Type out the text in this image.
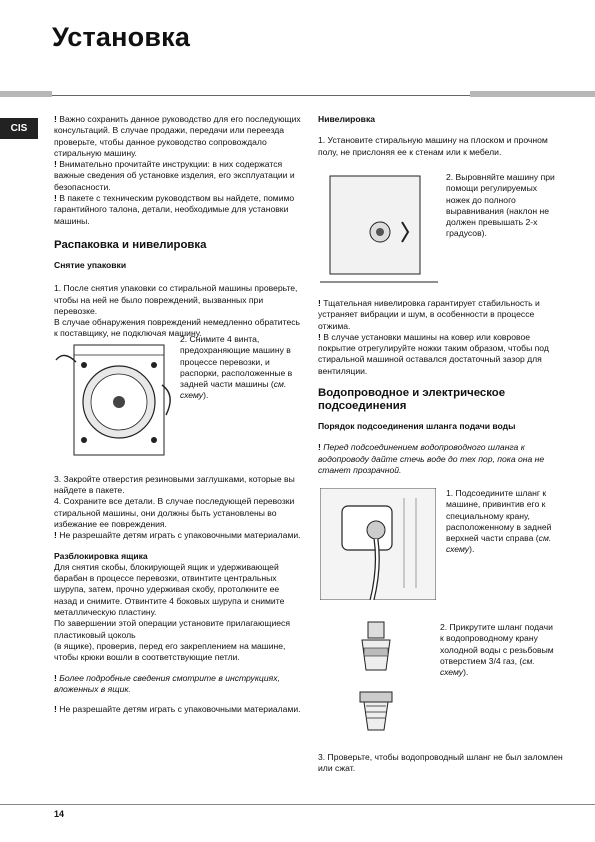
Установка
CIS

! Важно сохранить данное руководство для его последующих консультаций. В случае продажи, передачи или переезда проверьте, чтобы данное руководство сопровождало стиральную машину.

! Внимательно прочитайте инструкции: в них содержатся важные сведения об установке изделия, его эксплуатации и безопасности.

! В пакете с техническим руководством вы найдете, помимо гарантийного талона, детали, необходимые для установки машины.

Распаковка и нивелировка

Снятие упаковки

1. После снятия упаковки со стиральной машины проверьте, чтобы на ней не было повреждений, вызванных при перевозке.

В случае обнаружения повреждений немедленно обратитесь к поставщику, не подключая машину.

3. Закройте отверстия резиновыми заглушками, которые вы найдете в пакете.

4. Сохраните все детали. В случае последующей перевозки стиральной машины, они должны быть установлены во избежание ее повреждения.

! Не разрешайте детям играть с упаковочными материалами.

Разблокировка ящика

Для снятия скобы, блокирующей ящик и удерживающей барабан в процессе перевозки, отвинтите центральных шурупа, затем, прочно удерживая скобу, протолкните ее назад и снимите. Отвинтите 4 боковых шурупа и снимите металлическую пластину.

По завершении этой операции установите прилагающиеся пластиковый цоколь

(в ящике), проверив, перед его закреплением на машине, чтобы крюки вошли в соответствующие петли.

! Более подробные сведения смотрите в инструкциях, вложенных в ящик.

! Не разрешайте детям играть с упаковочными материалами.

2. Снимите 4 винта, предохраняющие машину в процессе перевозки, и распорки, расположенные в задней части машины (см. схему).

Нивелировка

1. Установите стиральную машину на плоском и прочном полу, не прислоняя ее к стенам или к мебели.

2. Выровняйте машину при помощи регулируемых ножек до полного выравнивания (наклон не должен превышать 2-х градусов).

! Тщательная нивелировка гарантирует стабильность и устраняет вибрации и шум, в особенности в процессе отжима.

! В случае установки машины на ковер или ковровое покрытие отрегулируйте ножки таким образом, чтобы под стиральной машиной оставался достаточный зазор для вентиляции.

Водопроводное и электрическое подсоединения

Порядок подсоединения шланга подачи воды

! Перед подсоединением водопроводного шланга к водопроводу дайте стечь воде до тех пор, пока она не станет прозрачной.

1. Подсоедините шланг к машине, привинтив его к специальному крану, расположенному в задней верхней части справа (см. схему).
2. Прикрутите шланг подачи к водопроводному крану холодной воды с резьбовым отверстием 3/4 газ, (см. схему).
3. Проверьте, чтобы водопроводный шланг не был заломлен или сжат.
14
